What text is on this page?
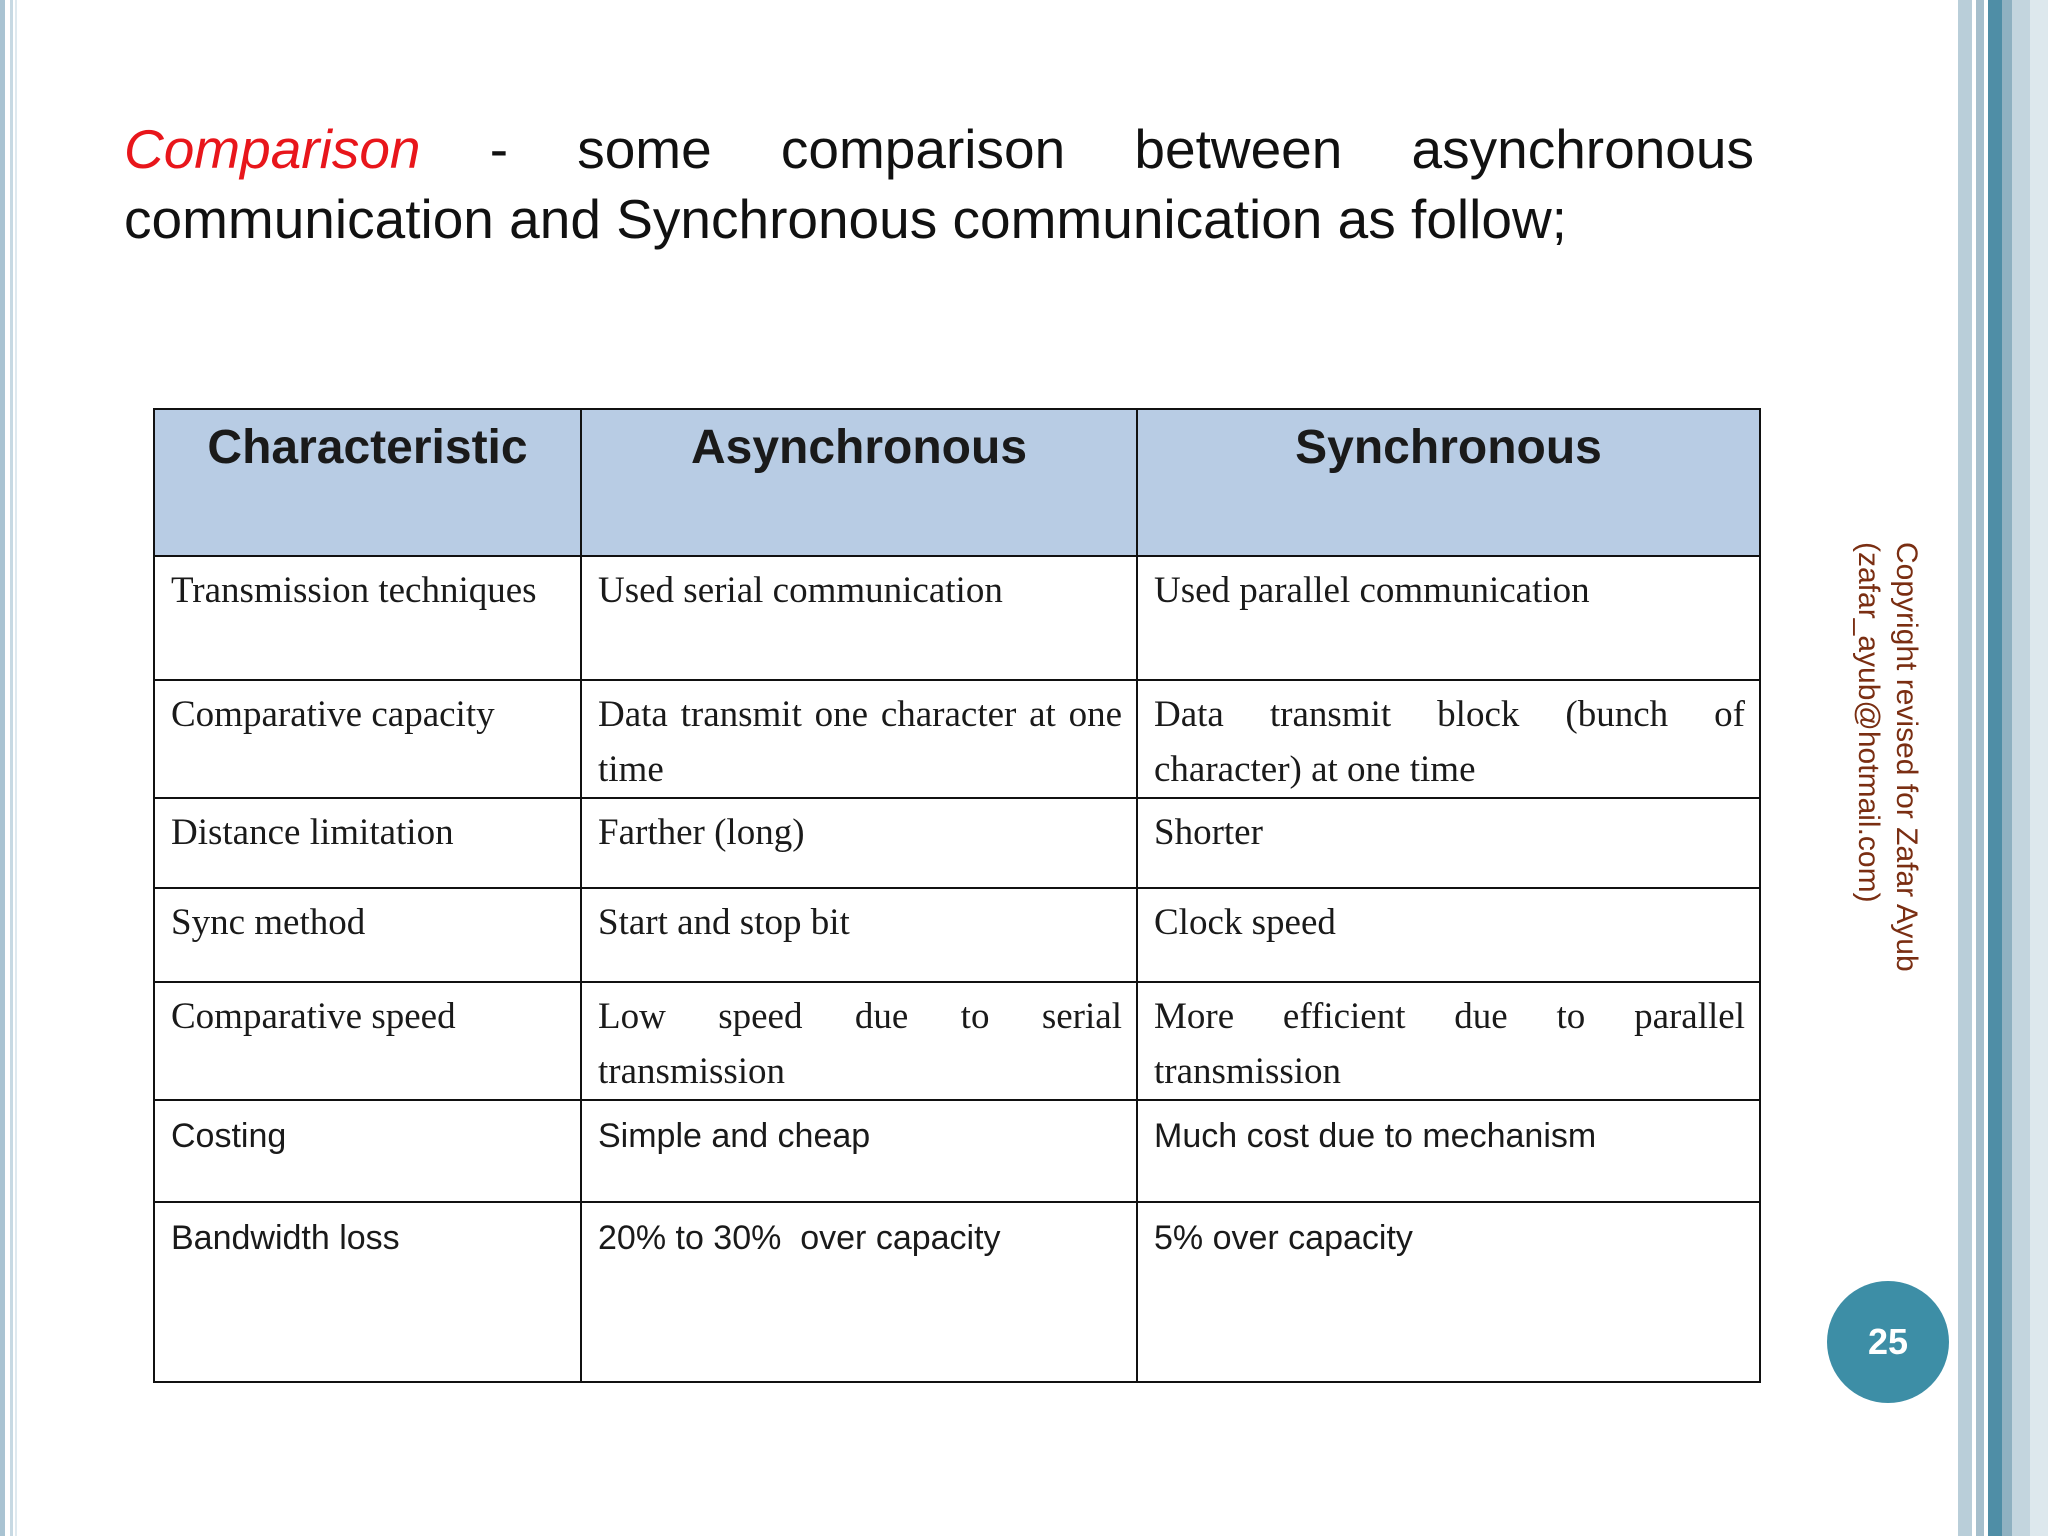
Comparison - some comparison between asynchronous
communication and Synchronous communication as follow;
Characteristic	Asynchronous	Synchronous
Transmission techniques	Used serial communication	Used parallel communication
Comparative capacity	Data transmit one character at one time	Data transmit block (bunch of character) at one time
Distance limitation	Farther (long)	Shorter
Sync method	Start and stop bit	Clock speed
Comparative speed	Low speed due to serial transmission	More efficient due to parallel transmission
Costing	Simple and cheap	Much cost due to mechanism
Bandwidth loss	20% to 30%  over capacity	5% over capacity
Copyright revised for Zafar Ayub
(zafar_ayub@hotmail.com)
25
